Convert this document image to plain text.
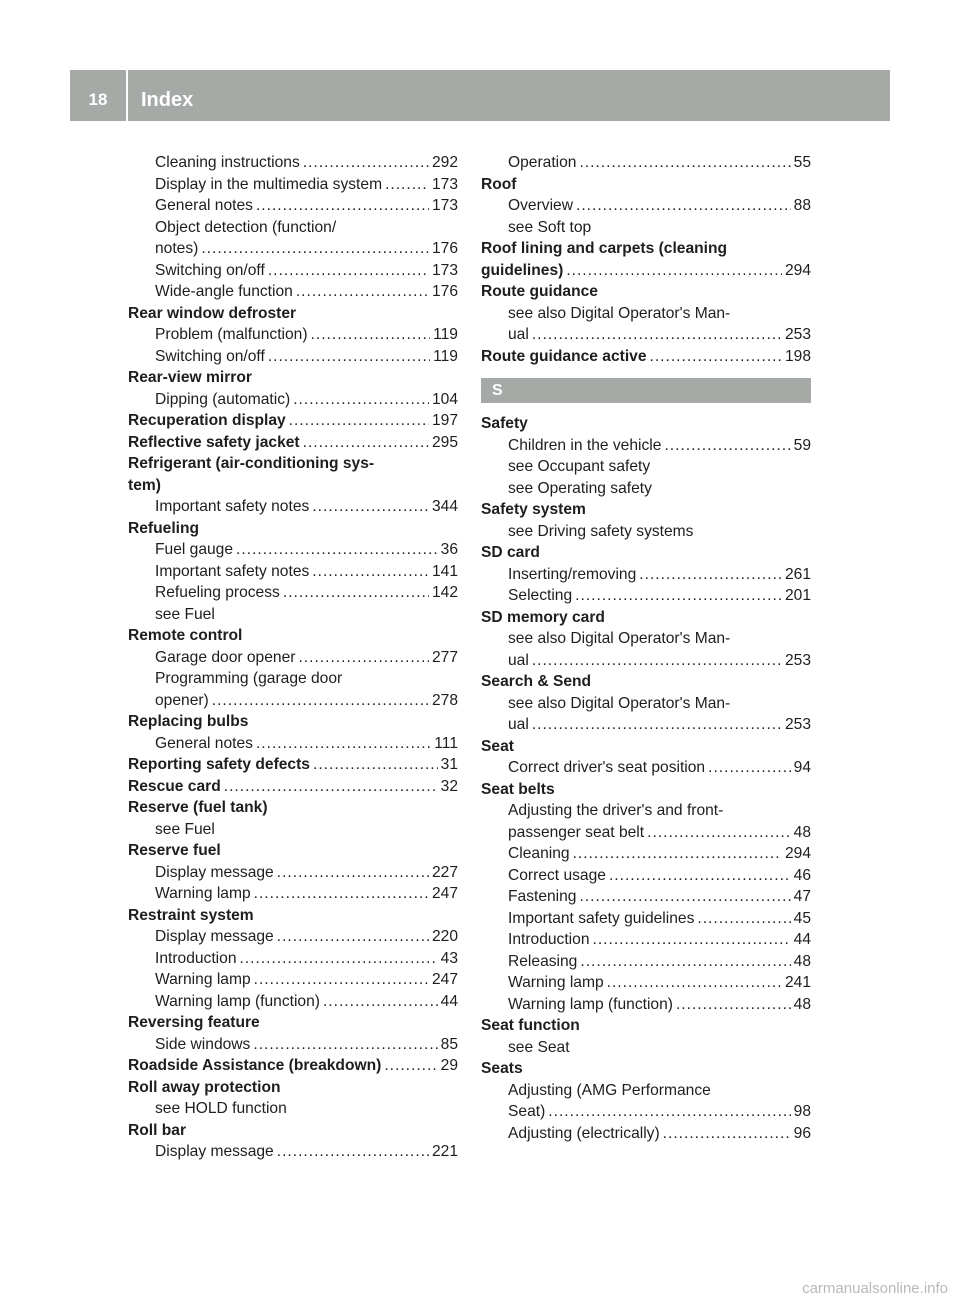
18	Index
Cleaning instructions .....	292
Display in the multimedia system .....	173
General notes .....	173
Object detection (function/
notes) .....	176
Switching on/off .....	173
Wide-angle function .....	176
Rear window defroster
Problem (malfunction) .....	119
Switching on/off .....	119
Rear-view mirror
Dipping (automatic) .....	104
Recuperation display .....	197
Reflective safety jacket .....	295
Refrigerant (air-conditioning sys-
tem)
Important safety notes .....	344
Refueling
Fuel gauge .....	36
Important safety notes .....	141
Refueling process .....	142
see Fuel
Remote control
Garage door opener .....	277
Programming (garage door
opener) .....	278
Replacing bulbs
General notes .....	111
Reporting safety defects .....	31
Rescue card .....	32
Reserve (fuel tank)
see Fuel
Reserve fuel
Display message .....	227
Warning lamp .....	247
Restraint system
Display message .....	220
Introduction .....	43
Warning lamp .....	247
Warning lamp (function) .....	44
Reversing feature
Side windows .....	85
Roadside Assistance (breakdown) .....	29
Roll away protection
see HOLD function
Roll bar
Display message .....	221
Operation .....	55
Roof
Overview .....	88
see Soft top
Roof lining and carpets (cleaning
guidelines) .....	294
Route guidance
see also Digital Operator's Man-
ual .....	253
Route guidance active .....	198
S
Safety
Children in the vehicle .....	59
see Occupant safety
see Operating safety
Safety system
see Driving safety systems
SD card
Inserting/removing .....	261
Selecting .....	201
SD memory card
see also Digital Operator's Man-
ual .....	253
Search & Send
see also Digital Operator's Man-
ual .....	253
Seat
Correct driver's seat position .....	94
Seat belts
Adjusting the driver's and front-
passenger seat belt .....	48
Cleaning .....	294
Correct usage .....	46
Fastening .....	47
Important safety guidelines .....	45
Introduction .....	44
Releasing .....	48
Warning lamp .....	241
Warning lamp (function) .....	48
Seat function
see Seat
Seats
Adjusting (AMG Performance
Seat) .....	98
Adjusting (electrically) .....	96
carmanualsonline.info
